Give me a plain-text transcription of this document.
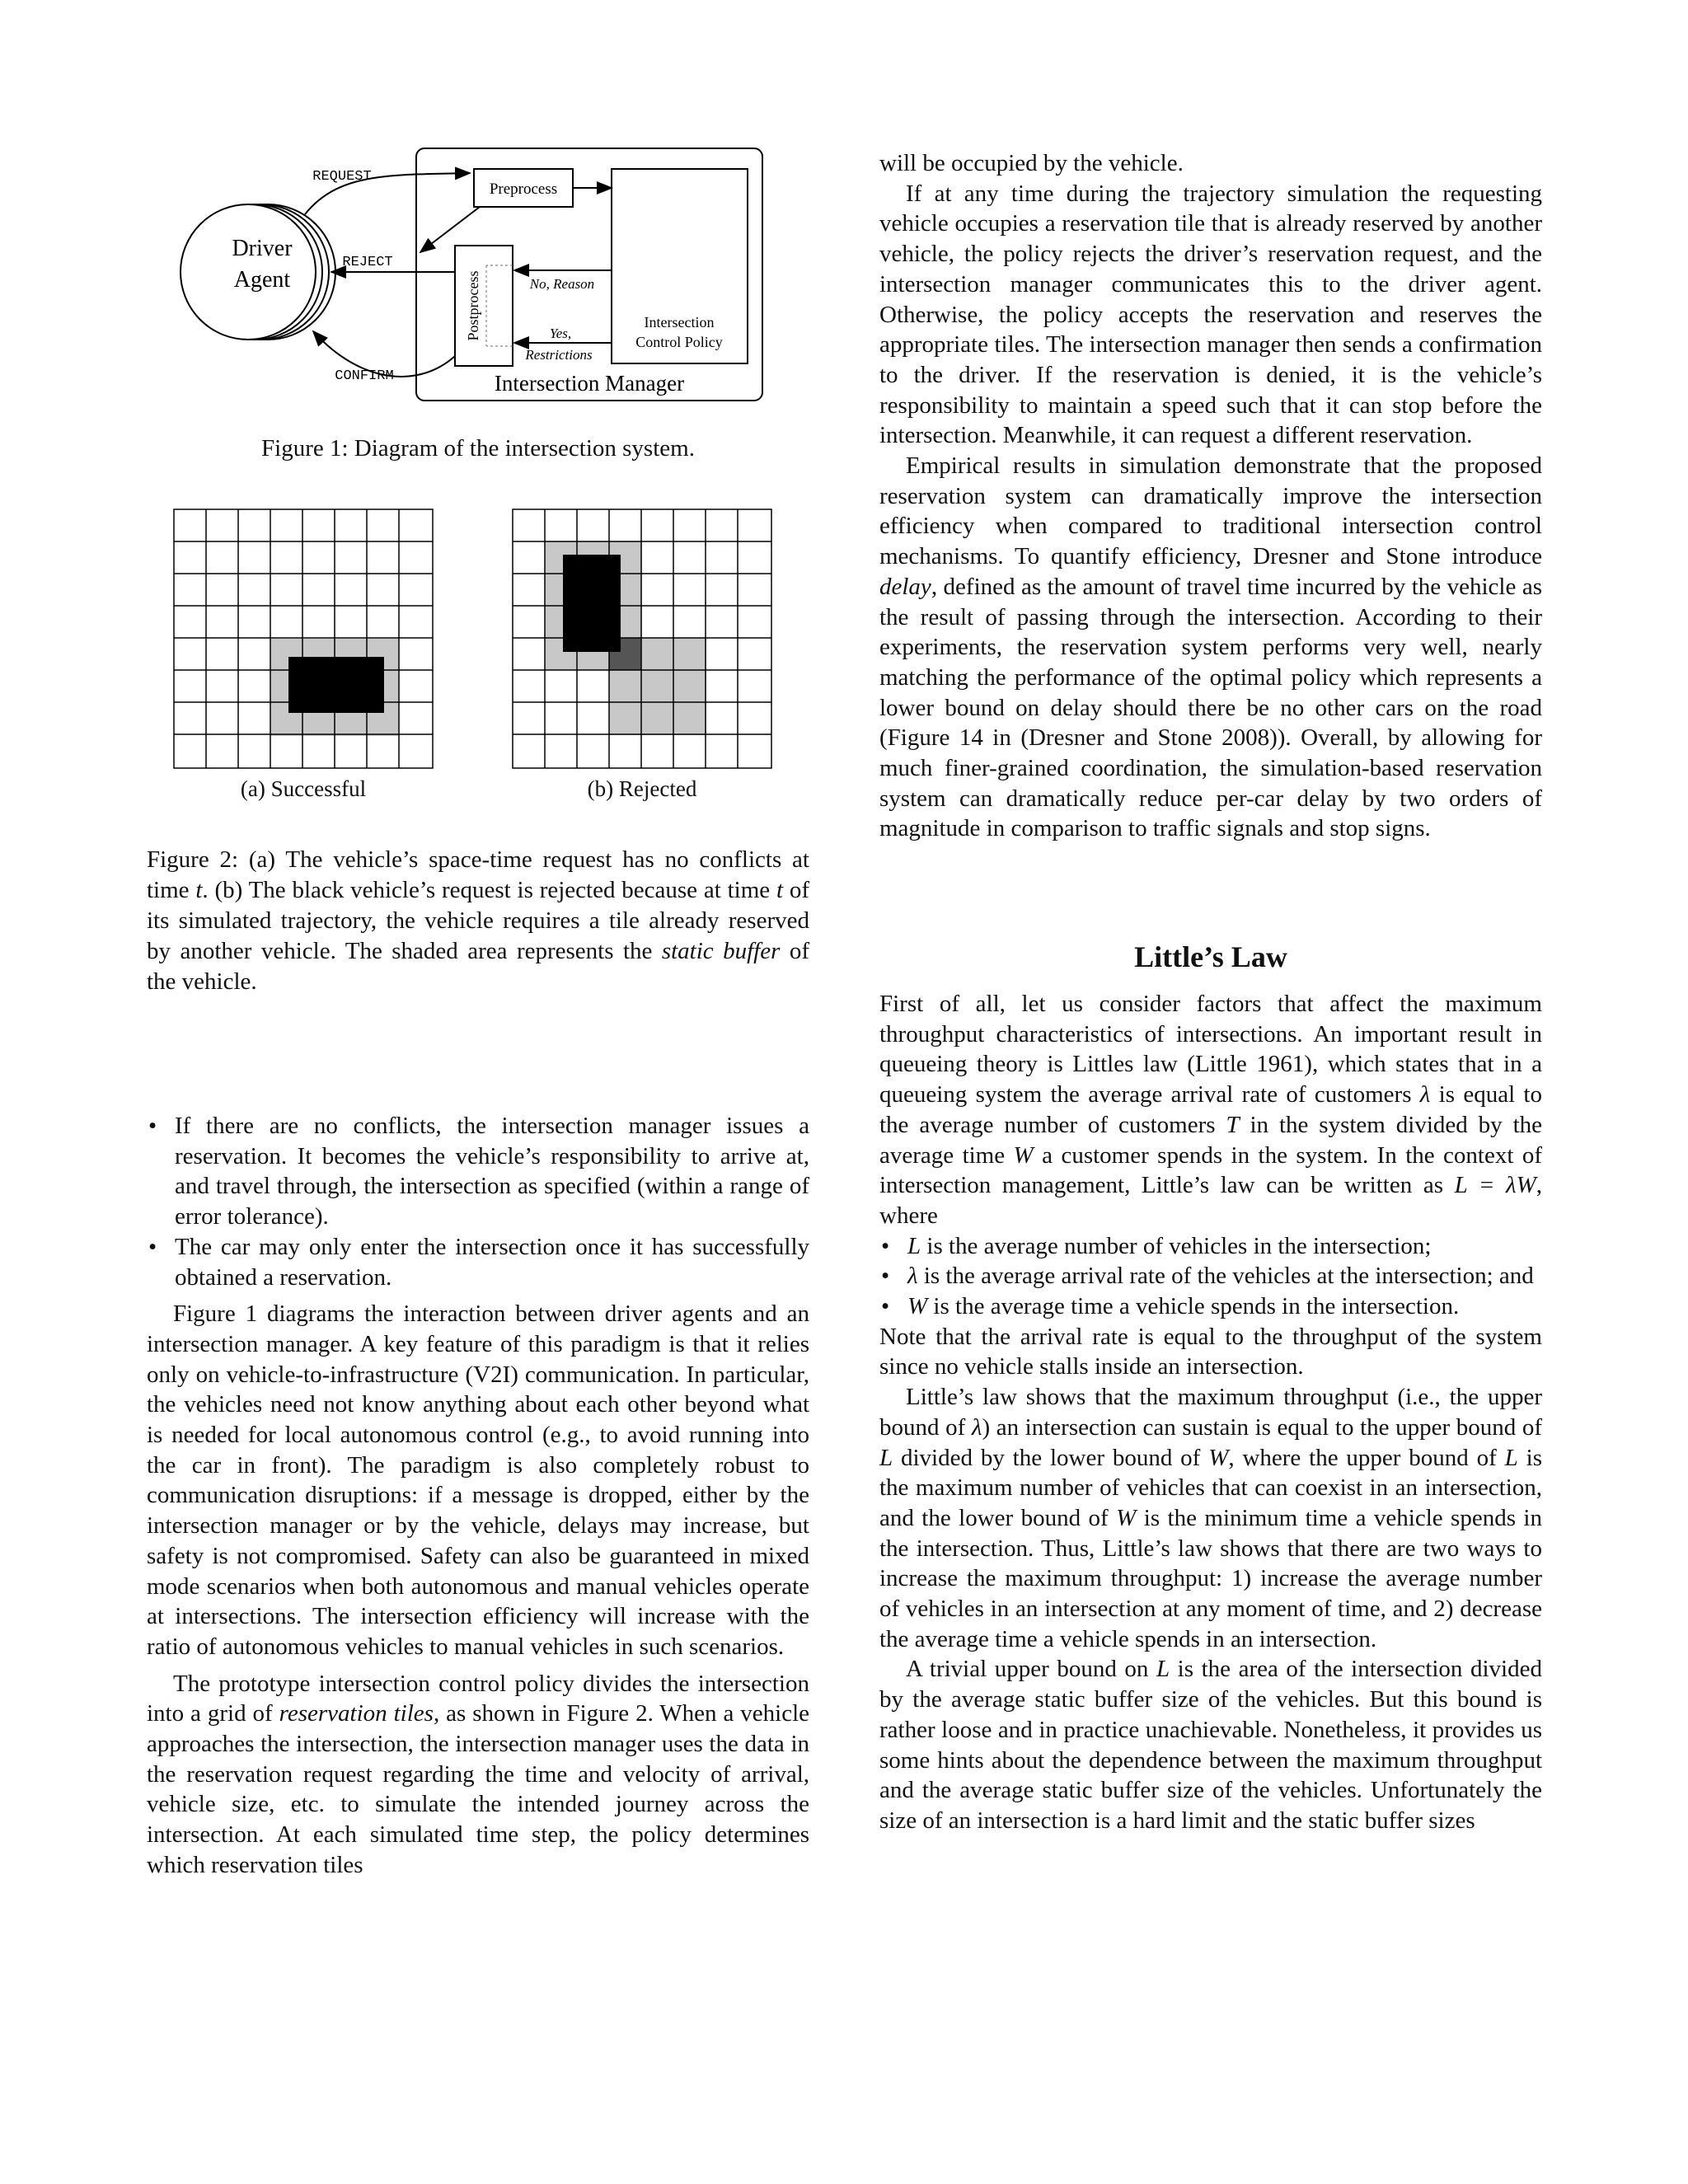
Driver
Agent
Intersection Manager
Preprocess
Postprocess	Intersection
Control Policy
REQUEST
REJECT
No, Reason
Yes,
Restrictions
CONFIRM
Figure 1: Diagram of the intersection system.
(a) Successful	(b) Rejected
Figure 2: (a) The vehicle’s space-time request has no conflicts at time t. (b) The black vehicle’s request is rejected because at time t of its simulated trajectory, the vehicle requires a tile already reserved by another vehicle. The shaded area represents the static buffer of the vehicle.
• If there are no conflicts, the intersection manager issues a reservation. It becomes the vehicle’s responsibility to arrive at, and travel through, the intersection as specified (within a range of error tolerance).
• The car may only enter the intersection once it has successfully obtained a reservation.

Figure 1 diagrams the interaction between driver agents and an intersection manager. A key feature of this paradigm is that it relies only on vehicle-to-infrastructure (V2I) communication. In particular, the vehicles need not know anything about each other beyond what is needed for local autonomous control (e.g., to avoid running into the car in front). The paradigm is also completely robust to communication disruptions: if a message is dropped, either by the intersection manager or by the vehicle, delays may increase, but safety is not compromised. Safety can also be guaranteed in mixed mode scenarios when both autonomous and manual vehicles operate at intersections. The intersection efficiency will increase with the ratio of autonomous vehicles to manual vehicles in such scenarios.

The prototype intersection control policy divides the intersection into a grid of reservation tiles, as shown in Figure 2. When a vehicle approaches the intersection, the intersection manager uses the data in the reservation request regarding the time and velocity of arrival, vehicle size, etc. to simulate the intended journey across the intersection. At each simulated time step, the policy determines which reservation tiles

will be occupied by the vehicle.

If at any time during the trajectory simulation the requesting vehicle occupies a reservation tile that is already reserved by another vehicle, the policy rejects the driver’s reservation request, and the intersection manager communicates this to the driver agent. Otherwise, the policy accepts the reservation and reserves the appropriate tiles. The intersection manager then sends a confirmation to the driver. If the reservation is denied, it is the vehicle’s responsibility to maintain a speed such that it can stop before the intersection. Meanwhile, it can request a different reservation.

Empirical results in simulation demonstrate that the proposed reservation system can dramatically improve the intersection efficiency when compared to traditional intersection control mechanisms. To quantify efficiency, Dresner and Stone introduce delay, defined as the amount of travel time incurred by the vehicle as the result of passing through the intersection. According to their experiments, the reservation system performs very well, nearly matching the performance of the optimal policy which represents a lower bound on delay should there be no other cars on the road (Figure 14 in (Dresner and Stone 2008)). Overall, by allowing for much finer-grained coordination, the simulation-based reservation system can dramatically reduce per-car delay by two orders of magnitude in comparison to traffic signals and stop signs.

Little’s Law

First of all, let us consider factors that affect the maximum throughput characteristics of intersections. An important result in queueing theory is Littles law (Little 1961), which states that in a queueing system the average arrival rate of customers λ is equal to the average number of customers T in the system divided by the average time W a customer spends in the system. In the context of intersection management, Little’s law can be written as L = λW, where

• L is the average number of vehicles in the intersection;
• λ is the average arrival rate of the vehicles at the intersection; and
• W is the average time a vehicle spends in the intersection.

Note that the arrival rate is equal to the throughput of the system since no vehicle stalls inside an intersection.

Little’s law shows that the maximum throughput (i.e., the upper bound of λ) an intersection can sustain is equal to the upper bound of L divided by the lower bound of W, where the upper bound of L is the maximum number of vehicles that can coexist in an intersection, and the lower bound of W is the minimum time a vehicle spends in the intersection. Thus, Little’s law shows that there are two ways to increase the maximum throughput: 1) increase the average number of vehicles in an intersection at any moment of time, and 2) decrease the average time a vehicle spends in an intersection.

A trivial upper bound on L is the area of the intersection divided by the average static buffer size of the vehicles. But this bound is rather loose and in practice unachievable. Nonetheless, it provides us some hints about the dependence between the maximum throughput and the average static buffer size of the vehicles. Unfortunately the size of an intersection is a hard limit and the static buffer sizes
